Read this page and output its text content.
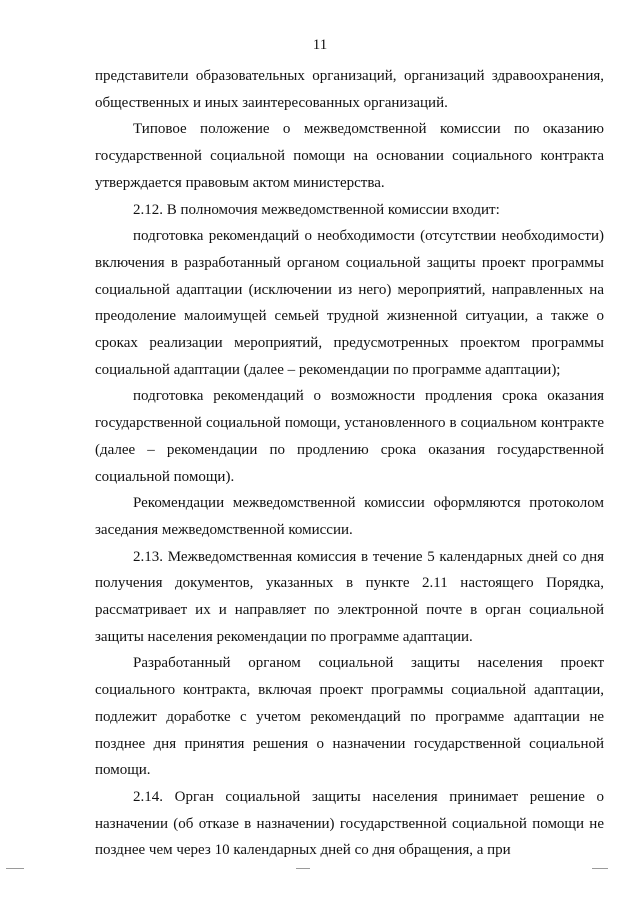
11

представители образовательных организаций, организаций здравоохранения, общественных и иных заинтересованных организаций.

Типовое положение о межведомственной комиссии по оказанию государственной социальной помощи на основании социального контракта утверждается правовым актом министерства.

2.12. В полномочия межведомственной комиссии входит:

подготовка рекомендаций о необходимости (отсутствии необходимости) включения в разработанный органом социальной защиты проект программы социальной адаптации (исключении из него) мероприятий, направленных на преодоление малоимущей семьей трудной жизненной ситуации, а также о сроках реализации мероприятий, предусмотренных проектом программы социальной адаптации (далее – рекомендации по программе адаптации);

подготовка рекомендаций о возможности продления срока оказания государственной социальной помощи, установленного в социальном контракте (далее – рекомендации по продлению срока оказания государственной социальной помощи).

Рекомендации межведомственной комиссии оформляются протоколом заседания межведомственной комиссии.

2.13. Межведомственная комиссия в течение 5 календарных дней со дня получения документов, указанных в пункте 2.11 настоящего Порядка, рассматривает их и направляет по электронной почте в орган социальной защиты населения рекомендации по программе адаптации.

Разработанный органом социальной защиты населения проект социального контракта, включая проект программы социальной адаптации, подлежит доработке с учетом рекомендаций по программе адаптации не позднее дня принятия решения о назначении государственной социальной помощи.

2.14. Орган социальной защиты населения принимает решение о назначении (об отказе в назначении) государственной социальной помощи не позднее чем через 10 календарных дней со дня обращения, а при
